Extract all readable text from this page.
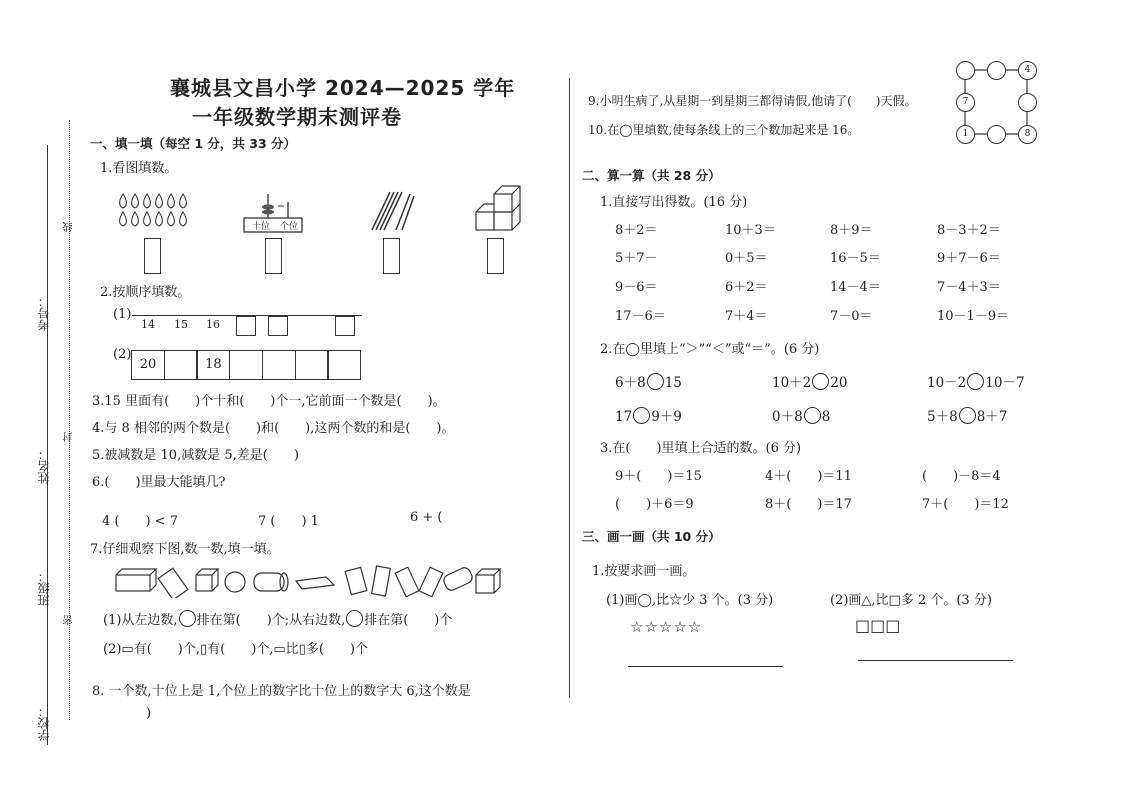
考号：
姓名：
班级：
学校：
线
封
密
襄城县文昌小学 2024—2025 学年
一年级数学期末测评卷
一、填一填（每空 1 分，共 33 分）
1.看图填数。
十位 个位
2.按顺序填数。
(1)
14 15 16
(2)
20	18
3.15 里面有(　　)个十和(　　)个一,它前面一个数是(　　)。
4.与 8 相邻的两个数是(　　)和(　　),这两个数的和是(　　)。
5.被减数是 10,减数是 5,差是(　　)
6.(　　)里最大能填几?
4 (　　) < 7	7 (　　) 1	6 + (
7.仔细观察下图,数一数,填一填。
(1)从左边数, 排在第(　　)个;从右边数, 排在第(　　)个
(2)▭有(　　)个,▯有(　　)个,▭比▯多(　　)个
8. 一个数,十位上是 1,个位上的数字比十位上的数字大 6,这个数是
)
9.小明生病了,从星期一到星期三都得请假,他请了(　　)天假。
10.在◯里填数,使每条线上的三个数加起来是 16。
4
7
1	8
二、算一算（共 28 分）
1.直接写出得数。(16 分)
8＋2＝	10＋3＝	8＋9＝	8－3＋2＝
5＋7－	0＋5＝	16－5＝	9＋7－6＝
9－6＝	6＋2＝	14－4＝	7－4＋3＝
17－6＝	7＋4＝	7－0＝	10－1－9＝
2.在◯里填上“＞”“＜”或“＝”。(6 分)
6＋8 15	10＋2 20	10－2 10－7
17 9＋9	0＋8 8	5＋8 8＋7
3.在(　　)里填上合适的数。(6 分)
9＋(　　)＝15	4＋(　　)＝11	(　　)－8＝4
(　　)＋6＝9	8＋(　　)＝17	7＋(　　)＝12
三、画一画（共 10 分）
1.按要求画一画。
(1)画◯,比☆少 3 个。(3 分)	(2)画△,比□多 2 个。(3 分)
☆☆☆☆☆	□□□
